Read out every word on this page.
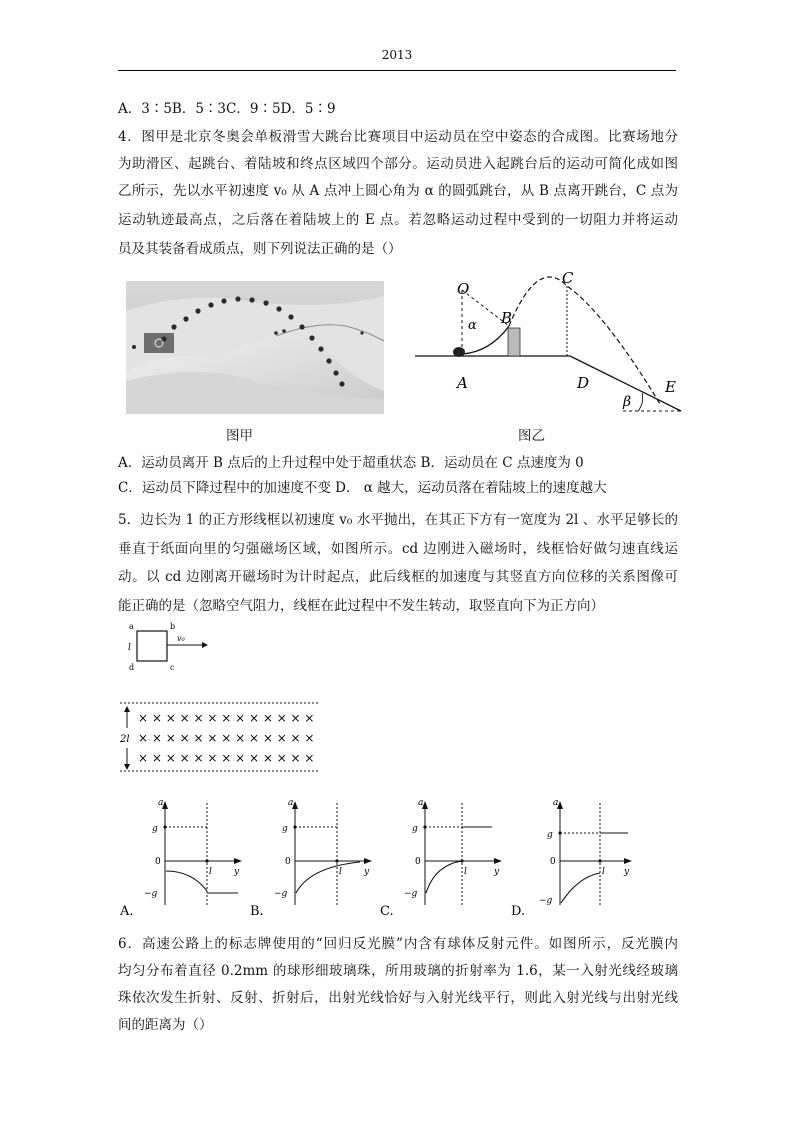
2013
A．3∶5B．5∶3C．9∶5D．5∶9
4．图甲是北京冬奥会单板滑雪大跳台比赛项目中运动员在空中姿态的合成图。比赛场地分
为助滑区、起跳台、着陆坡和终点区域四个部分。运动员进入起跳台后的运动可简化成如图
乙所示，先以水平初速度 v₀ 从 A 点冲上圆心角为 α 的圆弧跳台，从 B 点离开跳台，C 点为
运动轨迹最高点，之后落在着陆坡上的 E 点。若忽略运动过程中受到的一切阻力并将运动
员及其装备看成质点，则下列说法正确的是（）
O
α B
C
A	D	E
β
图甲	图乙
A．运动员离开 B 点后的上升过程中处于超重状态 B．运动员在 C 点速度为 0
C．运动员下降过程中的加速度不变 D． α 越大，运动员落在着陆坡上的速度越大
5．边长为 1 的正方形线框以初速度 v₀ 水平抛出，在其正下方有一宽度为 2l 、水平足够长的
垂直于纸面向里的匀强磁场区域，如图所示。cd 边刚进入磁场时，线框恰好做匀速直线运
动。以 cd 边刚离开磁场时为计时起点，此后线框的加速度与其竖直方向位移的关系图像可
能正确的是（忽略空气阻力，线框在此过程中不发生转动，取竖直向下为正方向）
a	b
c
d
l
v₀
2l
× × × × × × × × × × × × ×
× × × × × × × × × × × × ×
× × × × × × × × × × × × ×
a
g
0
−g
l y
A.
a
g
0
−g
l y
B.
a
g
0
−g
l	y
C.
a
g
0
−g
l y
D.
6．高速公路上的标志牌使用的“回归反光膜”内含有球体反射元件。如图所示，反光膜内
均匀分布着直径 0.2mm 的球形细玻璃珠，所用玻璃的折射率为 1.6，某一入射光线经玻璃
珠依次发生折射、反射、折射后，出射光线恰好与入射光线平行，则此入射光线与出射光线
间的距离为（）
